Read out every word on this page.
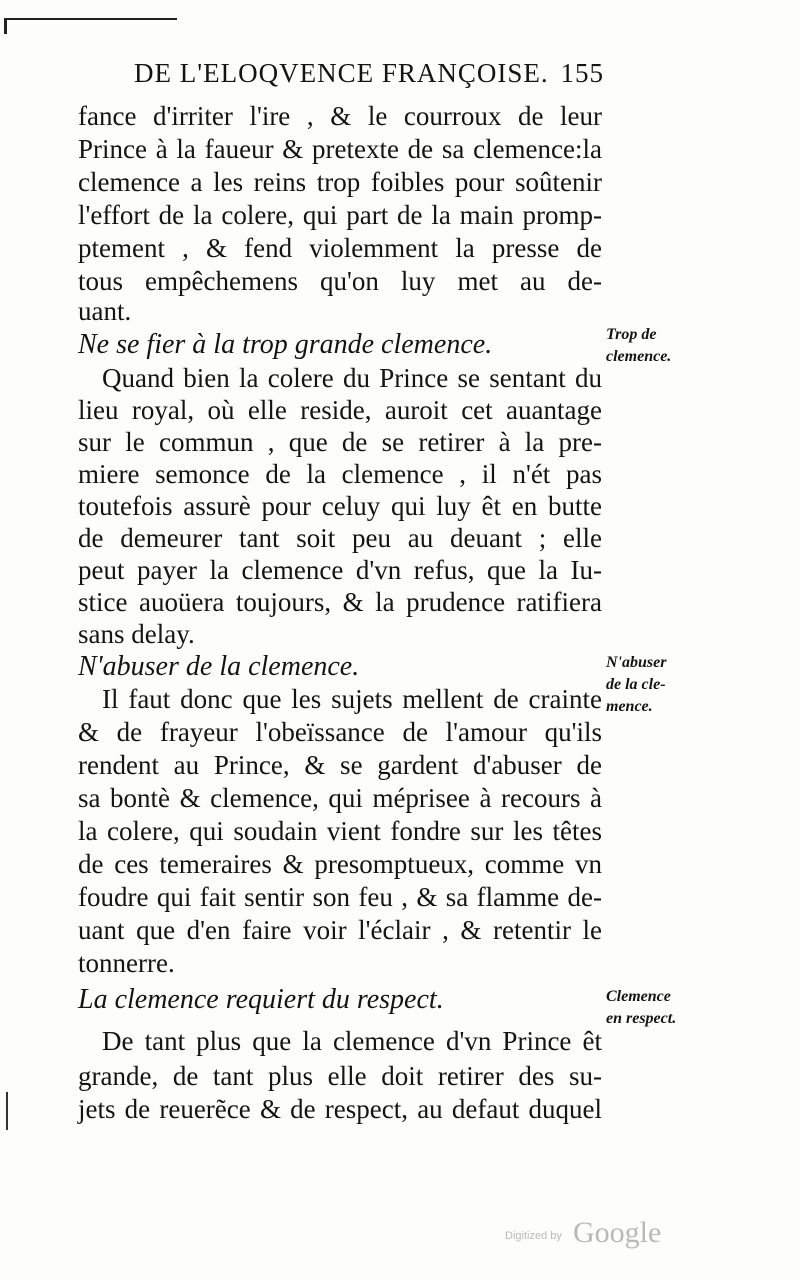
DE L'ELOQVENCE FRANÇOISE. 155
fance d'irriter l'ire , & le courroux de leur
Prince à la faueur & pretexte de sa clemence:la
clemence a les reins trop foibles pour soûtenir
l'effort de la colere, qui part de la main promp-
ptement , & fend violemment la presse de
tous empêchemens qu'on luy met au de-
uant.
Ne se fier à la trop grande clemence.	Trop de
clemence.
Quand bien la colere du Prince se sentant du
lieu royal, où elle reside, auroit cet auantage
sur le commun , que de se retirer à la pre-
miere semonce de la clemence , il n'ét pas
toutefois assurè pour celuy qui luy êt en butte
de demeurer tant soit peu au deuant ; elle
peut payer la clemence d'vn refus, que la Iu-
stice auoüera toujours, & la prudence ratifiera
sans delay.
N'abuser de la clemence.	N'abuser
de la cle-
mence.
Il faut donc que les sujets mellent de crainte
& de frayeur l'obeïssance de l'amour qu'ils
rendent au Prince, & se gardent d'abuser de
sa bontè & clemence, qui méprisee à recours à
la colere, qui soudain vient fondre sur les têtes
de ces temeraires & presomptueux, comme vn
foudre qui fait sentir son feu , & sa flamme de-
uant que d'en faire voir l'éclair , & retentir le
tonnerre.
La clemence requiert du respect.	Clemence
en respect.
De tant plus que la clemence d'vn Prince êt
grande, de tant plus elle doit retirer des su-
jets de reuerẽce & de respect, au defaut duquel
Digitized by Google
